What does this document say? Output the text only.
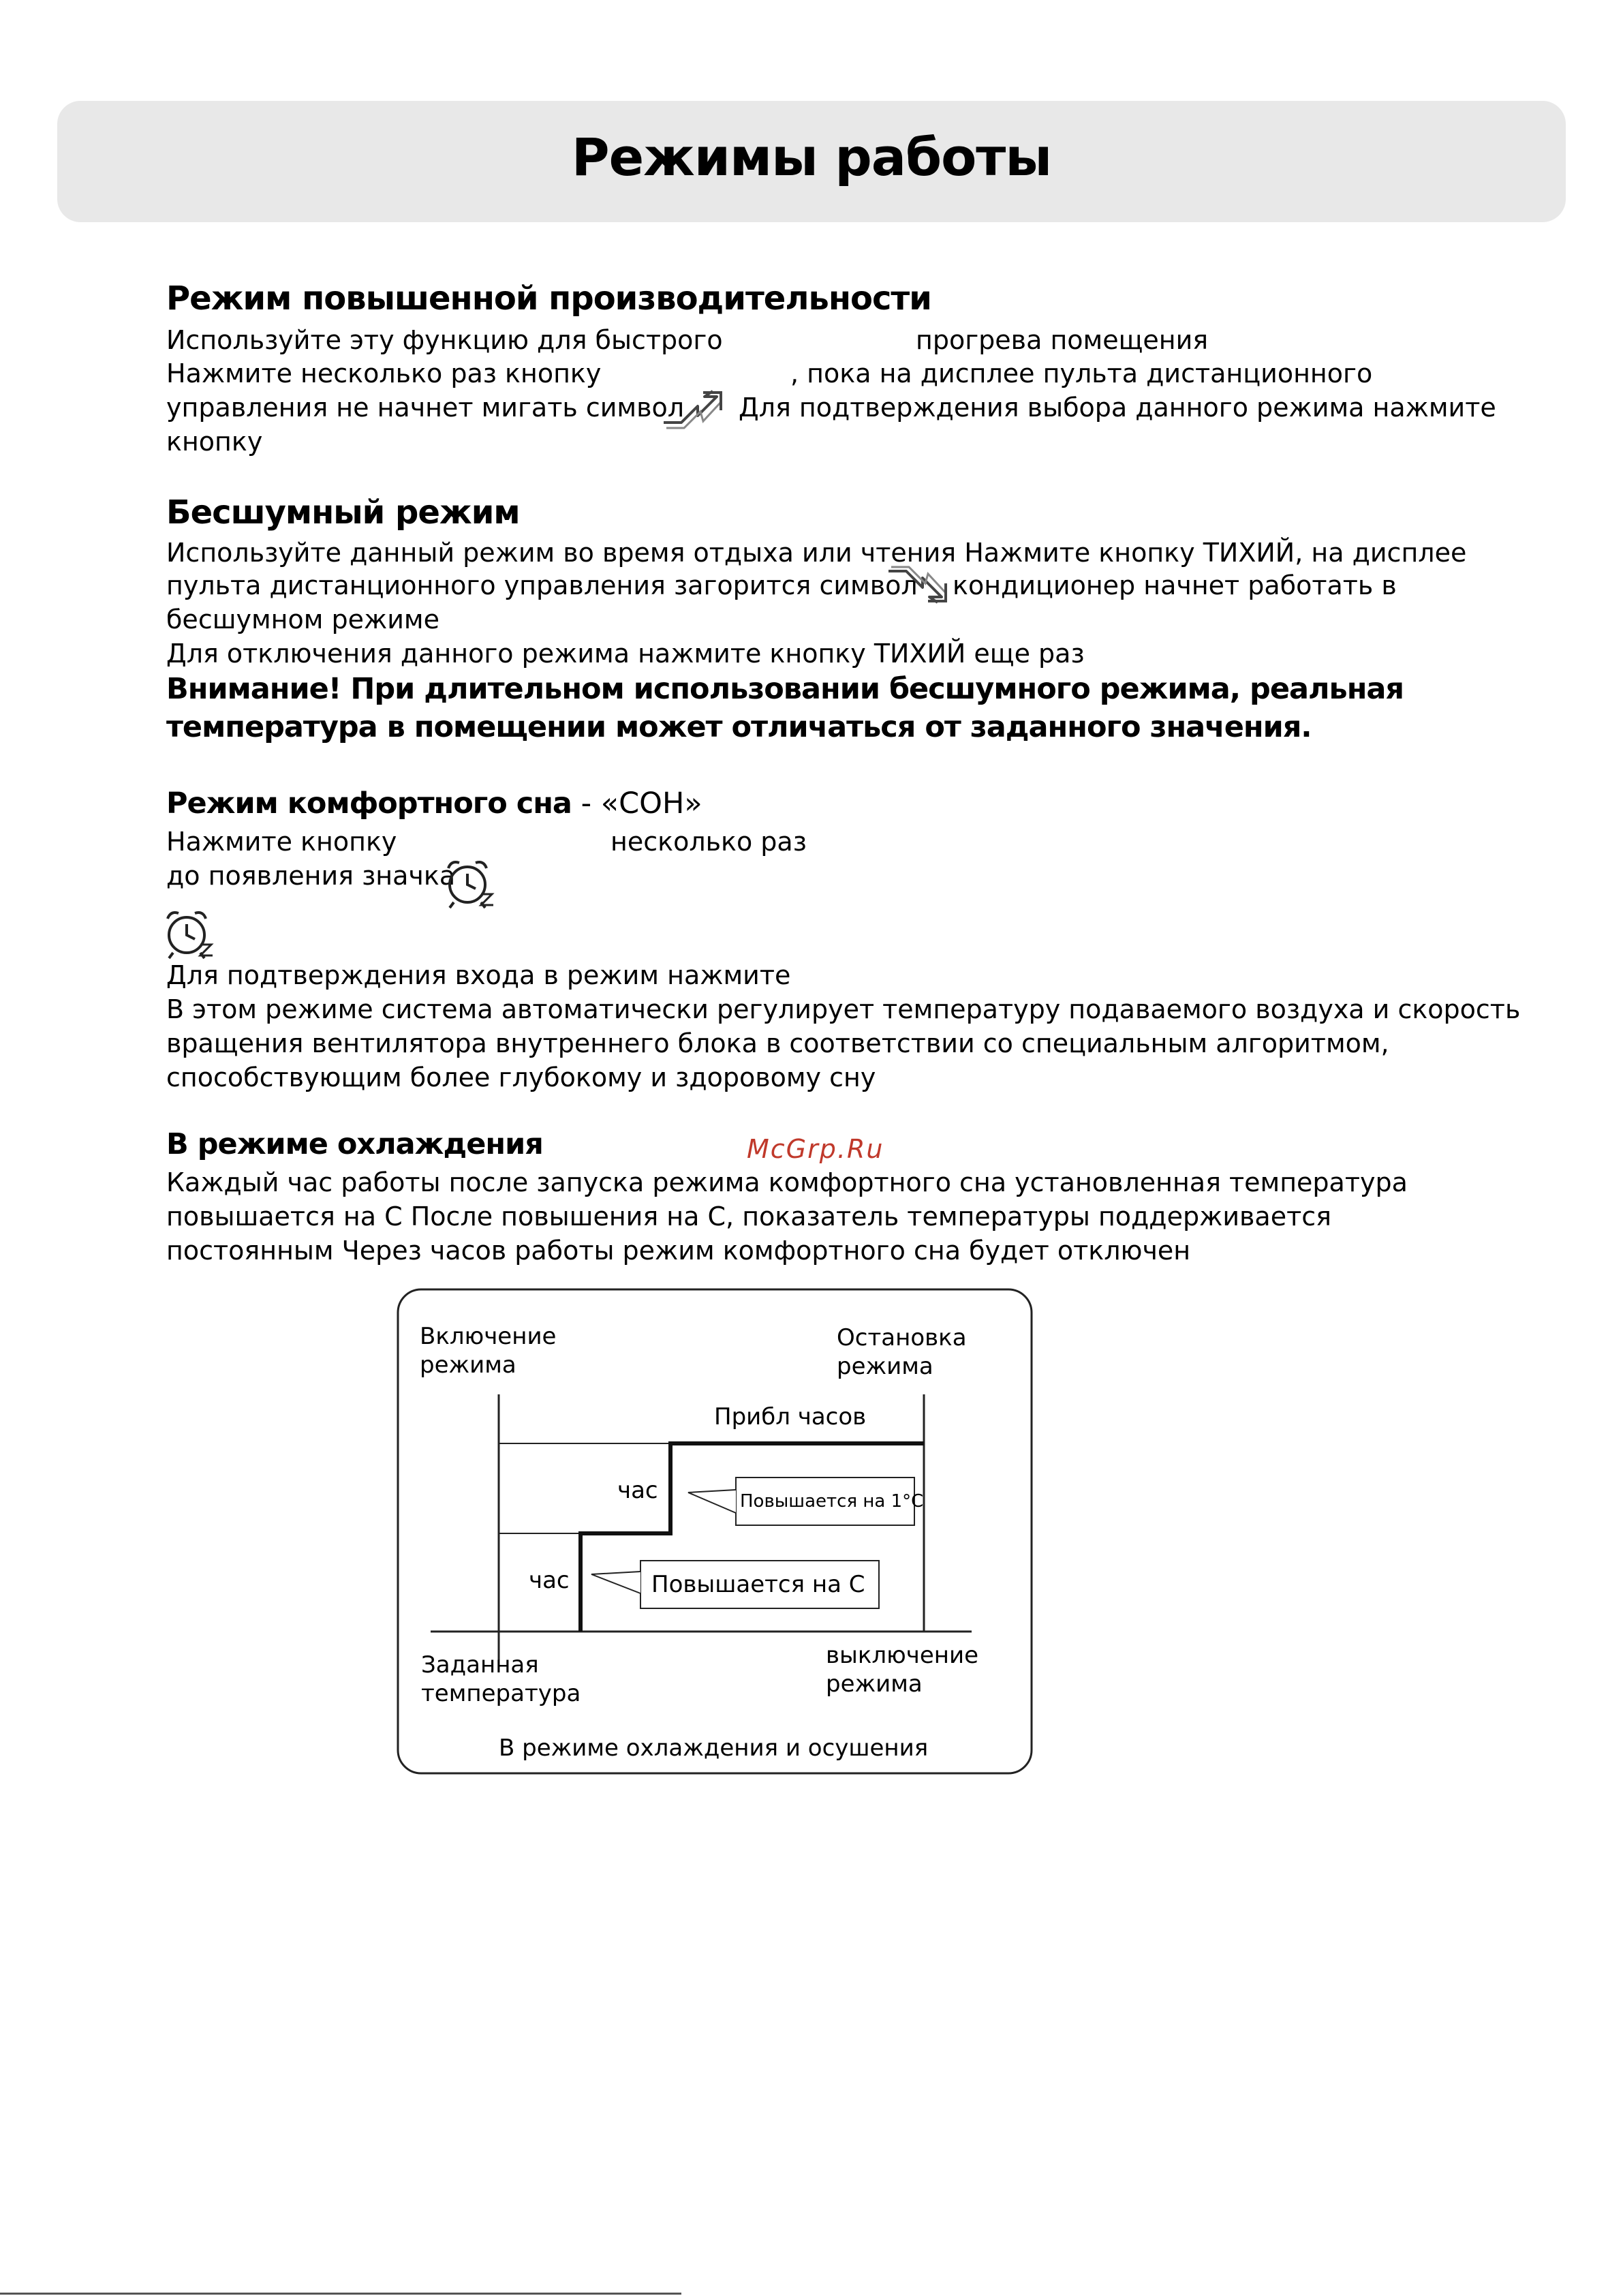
Режимы работы
Режим повышенной производительности
Используйте эту функцию для быстрого	прогрева помещения
Нажмите несколько раз кнопку	, пока на дисплее пульта дистанционного
управления не начнет мигать символ Для подтверждения выбора данного режима нажмите
кнопку
Бесшумный режим
Используйте данный режим во время отдыха или чтения Нажмите кнопку ТИХИЙ, на дисплее
пульта дистанционного управления загорится символ кондиционер начнет работать в
бесшумном режиме
Для отключения данного режима нажмите кнопку ТИХИЙ еще раз
Внимание! При длительном использовании бесшумного режима, реальная
температура в помещении может отличаться от заданного значения.
Режим комфортного сна - «СОН»
Нажмите кнопку	несколько раз
до появления значка
Для подтверждения входа в режим нажмите
В этом режиме система автоматически регулирует температуру подаваемого воздуха и скорость
вращения вентилятора внутреннего блока в соответствии со специальным алгоритмом,
способствующим более глубокому и здоровому сну
В режиме охлаждения	McGrp.Ru
Каждый час работы после запуска режима комфортного сна установленная температура
повышается на С После повышения на С, показатель температуры поддерживается
постоянным Через часов работы режим комфортного сна будет отключен
Включение
режима
Остановка
режима
Прибл часов
час
час
Повышается на 1°C
Повышается на С
Заданная
температура
выключение
режима
В режиме охлаждения и осушения
